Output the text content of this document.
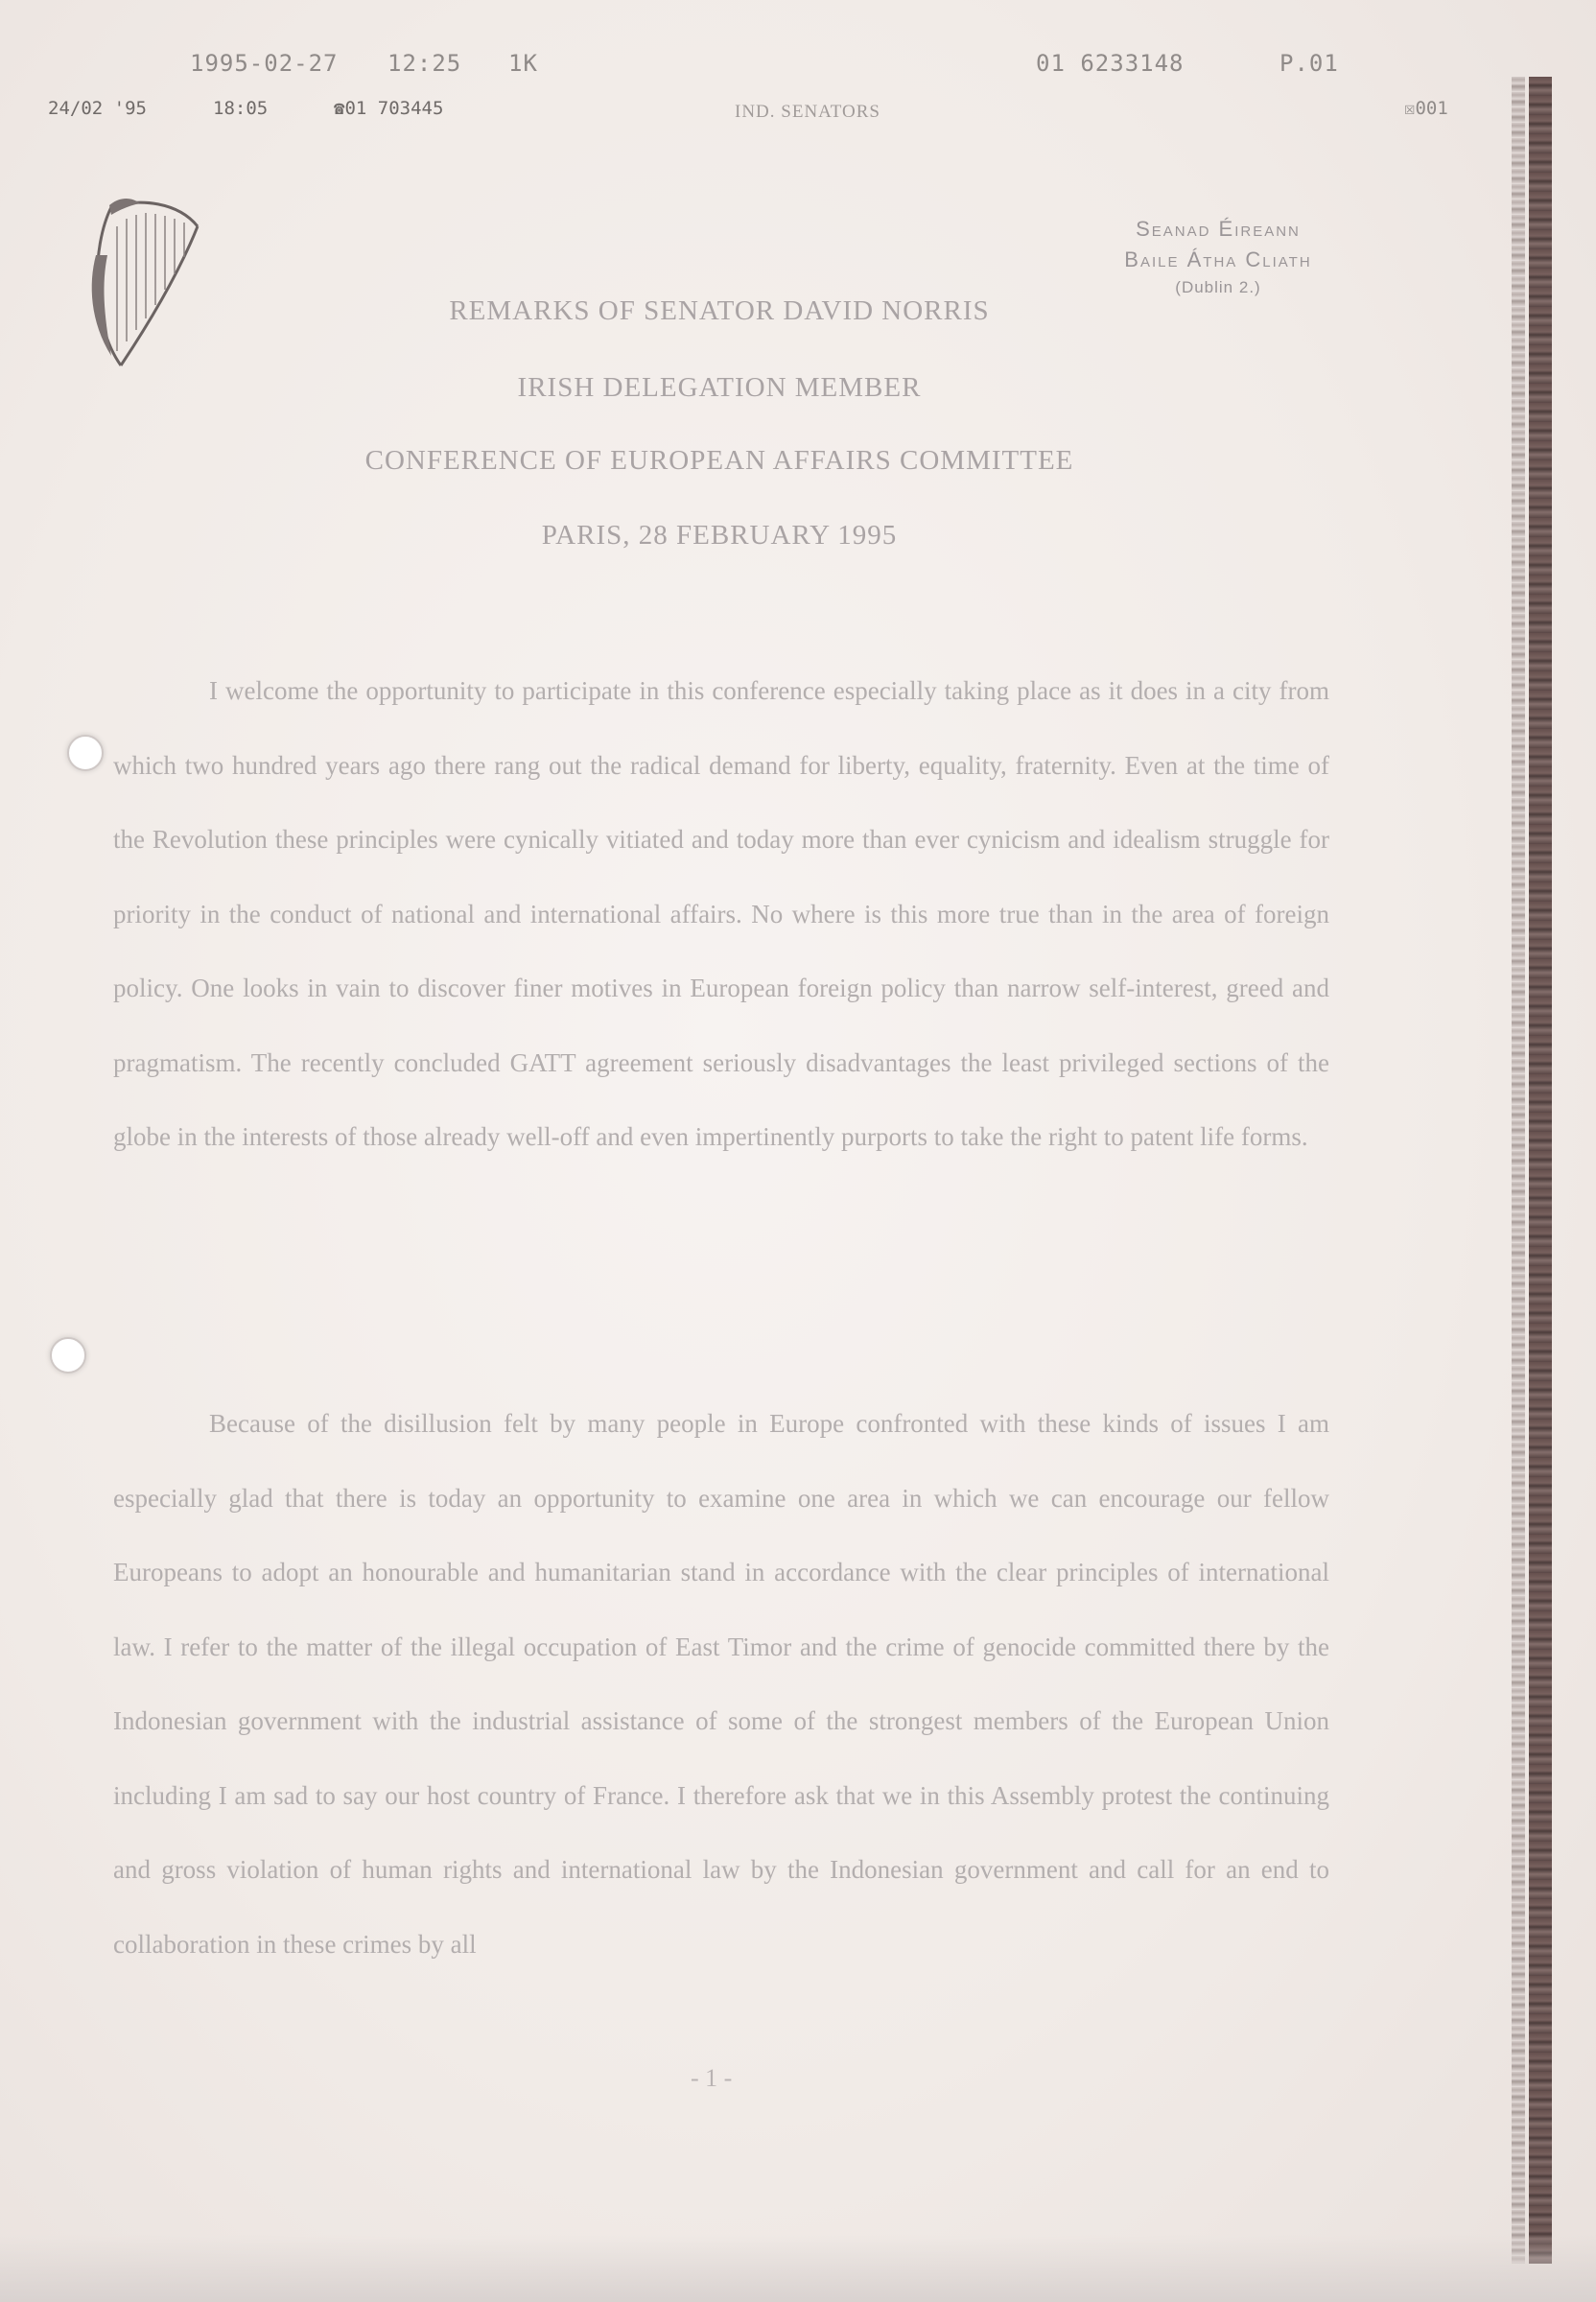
1995-02-27 12:25 1K	01 6233148	P.01
24/02 '95	18:05	☎01 703445	IND. SENATORS	☒001
Seanad Éireann
Baile Átha Cliath
(Dublin 2.)
REMARKS OF SENATOR DAVID NORRIS
IRISH DELEGATION MEMBER
CONFERENCE OF EUROPEAN AFFAIRS COMMITTEE
PARIS, 28 FEBRUARY 1995

I welcome the opportunity to participate in this conference especially taking place as it does in a city from which two hundred years ago there rang out the radical demand for liberty, equality, fraternity. Even at the time of the Revolution these principles were cynically vitiated and today more than ever cynicism and idealism struggle for priority in the conduct of national and international affairs. No where is this more true than in the area of foreign policy. One looks in vain to discover finer motives in European foreign policy than narrow self-interest, greed and pragmatism. The recently concluded GATT agreement seriously disadvantages the least privileged sections of the globe in the interests of those already well-off and even impertinently purports to take the right to patent life forms.

Because of the disillusion felt by many people in Europe confronted with these kinds of issues I am especially glad that there is today an opportunity to examine one area in which we can encourage our fellow Europeans to adopt an honourable and humanitarian stand in accordance with the clear principles of international law. I refer to the matter of the illegal occupation of East Timor and the crime of genocide committed there by the Indonesian government with the industrial assistance of some of the strongest members of the European Union including I am sad to say our host country of France. I therefore ask that we in this Assembly protest the continuing and gross violation of human rights and international law by the Indonesian government and call for an end to collaboration in these crimes by all

- 1 -
